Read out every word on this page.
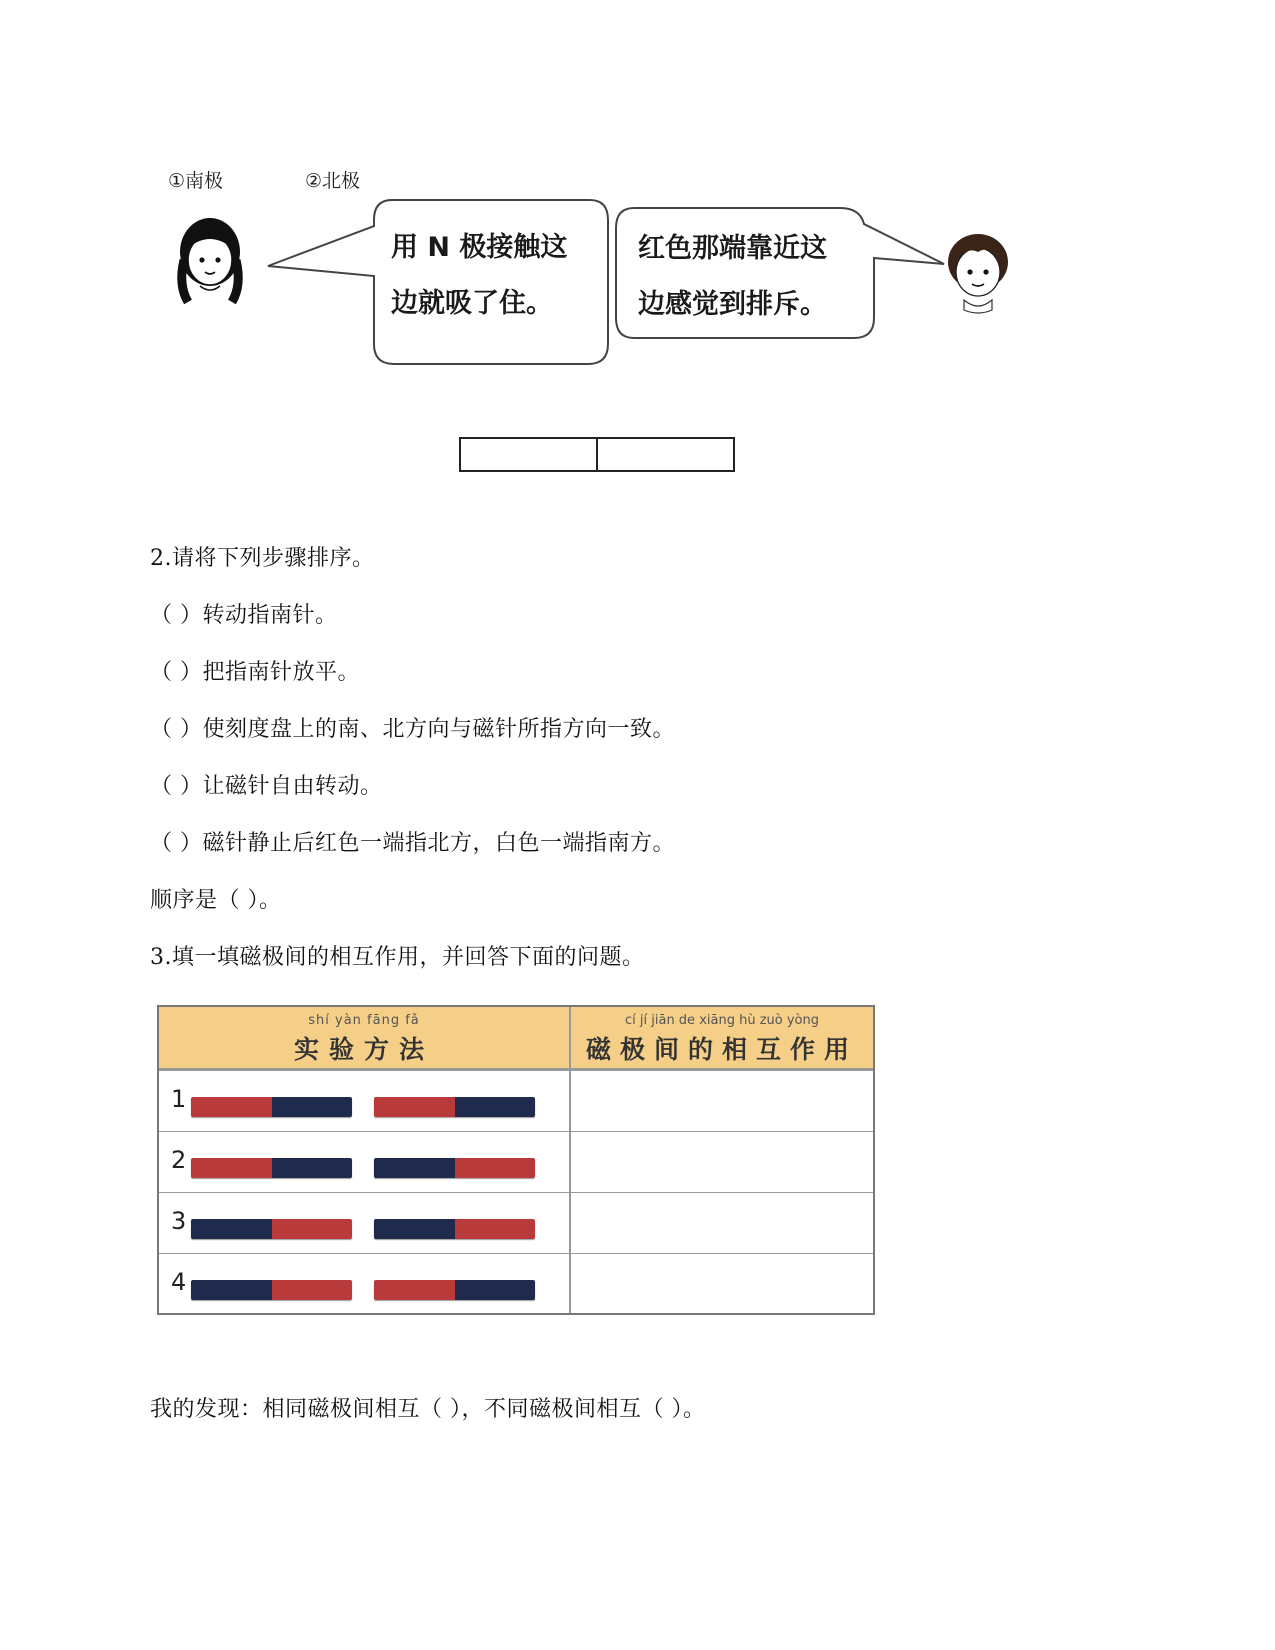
①南极	②北极
用 N 极接触这
边就吸了住。
红色那端靠近这
边感觉到排斥。
2.请将下列步骤排序。
（ ）转动指南针。
（ ）把指南针放平。
（ ）使刻度盘上的南、北方向与磁针所指方向一致。
（ ）让磁针自由转动。
（ ）磁针静止后红色一端指北方，白色一端指南方。
顺序是（ ）。
3.填一填磁极间的相互作用，并回答下面的问题。
shí yàn fāng fǎ
实验方法
cí jí jiān de xiāng hù zuò yòng
磁极间的相互作用
1
2
3
4
我的发现：相同磁极间相互（ ），不同磁极间相互（ ）。
